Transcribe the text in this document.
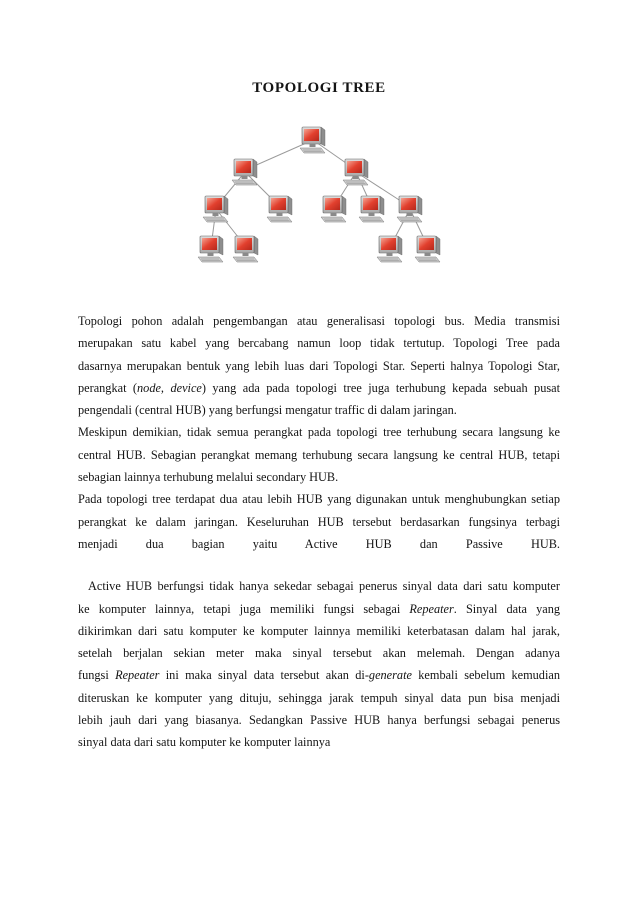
TOPOLOGI TREE
Topologi pohon adalah pengembangan atau generalisasi topologi bus. Media transmisi
merupakan satu kabel yang bercabang namun loop tidak tertutup. Topologi Tree pada
dasarnya merupakan bentuk yang lebih luas dari Topologi Star. Seperti halnya Topologi Star,
perangkat (node, device) yang ada pada topologi tree juga terhubung kepada sebuah pusat
pengendali (central HUB) yang berfungsi mengatur traffic di dalam jaringan.
Meskipun demikian, tidak semua perangkat pada topologi tree terhubung secara langsung ke
central HUB. Sebagian perangkat memang terhubung secara langsung ke central HUB, tetapi
sebagian lainnya terhubung melalui secondary HUB.
Pada topologi tree terdapat dua atau lebih HUB yang digunakan untuk menghubungkan setiap
perangkat ke dalam jaringan. Keseluruhan HUB tersebut berdasarkan fungsinya terbagi
menjadi dua bagian yaitu Active HUB dan Passive HUB.
Active HUB berfungsi tidak hanya sekedar sebagai penerus sinyal data dari satu komputer
ke komputer lainnya, tetapi juga memiliki fungsi sebagai Repeater. Sinyal data yang
dikirimkan dari satu komputer ke komputer lainnya memiliki keterbatasan dalam hal jarak,
setelah berjalan sekian meter maka sinyal tersebut akan melemah. Dengan adanya
fungsi Repeater ini maka sinyal data tersebut akan di-generate kembali sebelum kemudian
diteruskan ke komputer yang dituju, sehingga jarak tempuh sinyal data pun bisa menjadi
lebih jauh dari yang biasanya. Sedangkan Passive HUB hanya berfungsi sebagai penerus
sinyal data dari satu komputer ke komputer lainnya
